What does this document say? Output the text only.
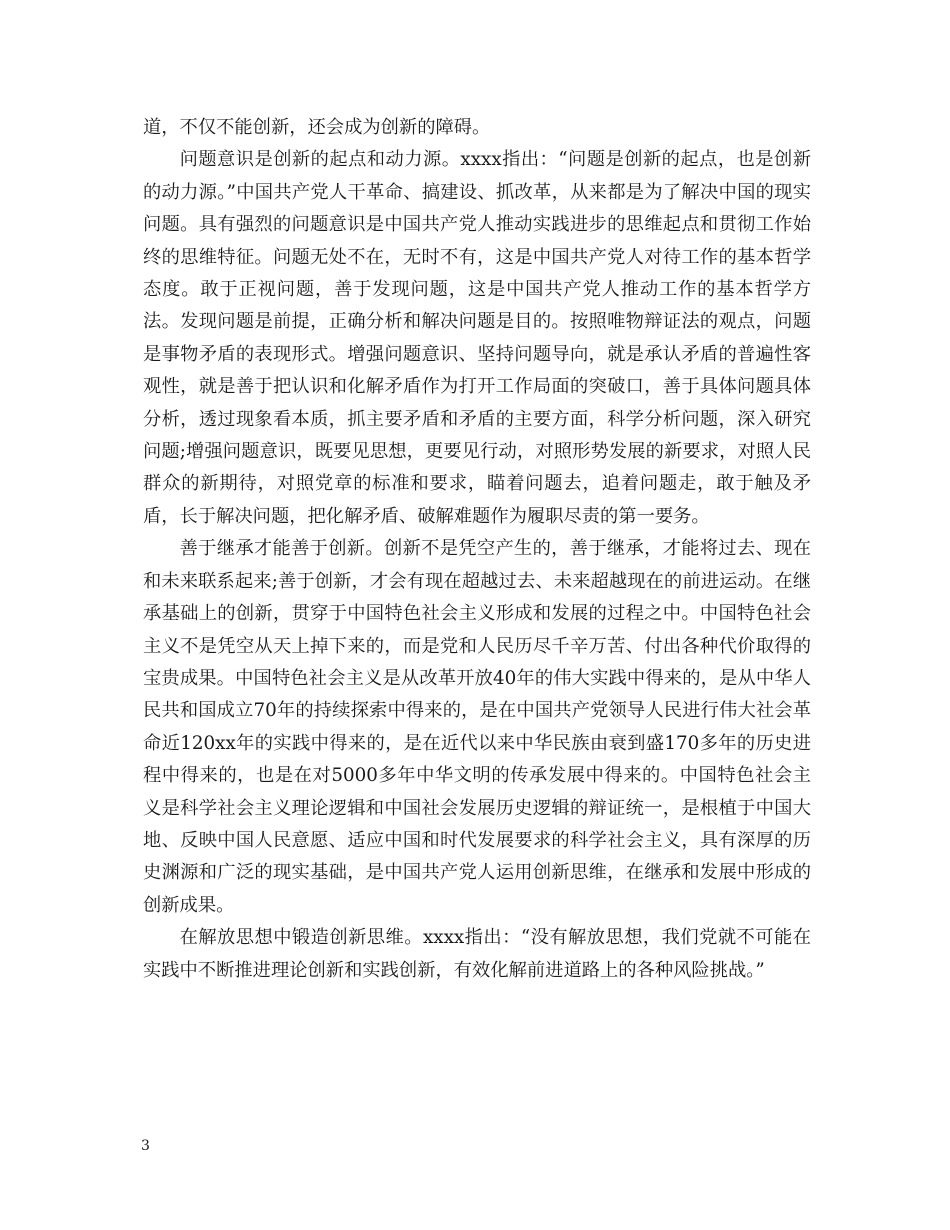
道，不仅不能创新，还会成为创新的障碍。

问题意识是创新的起点和动力源。xxxx指出：“问题是创新的起点，也是创新的动力源。”中国共产党人干革命、搞建设、抓改革，从来都是为了解决中国的现实问题。具有强烈的问题意识是中国共产党人推动实践进步的思维起点和贯彻工作始终的思维特征。问题无处不在，无时不有，这是中国共产党人对待工作的基本哲学态度。敢于正视问题，善于发现问题，这是中国共产党人推动工作的基本哲学方法。发现问题是前提，正确分析和解决问题是目的。按照唯物辩证法的观点，问题是事物矛盾的表现形式。增强问题意识、坚持问题导向，就是承认矛盾的普遍性客观性，就是善于把认识和化解矛盾作为打开工作局面的突破口，善于具体问题具体分析，透过现象看本质，抓主要矛盾和矛盾的主要方面，科学分析问题，深入研究问题;增强问题意识，既要见思想，更要见行动，对照形势发展的新要求，对照人民群众的新期待，对照党章的标准和要求，瞄着问题去，追着问题走，敢于触及矛盾，长于解决问题，把化解矛盾、破解难题作为履职尽责的第一要务。

善于继承才能善于创新。创新不是凭空产生的，善于继承，才能将过去、现在和未来联系起来;善于创新，才会有现在超越过去、未来超越现在的前进运动。在继承基础上的创新，贯穿于中国特色社会主义形成和发展的过程之中。中国特色社会主义不是凭空从天上掉下来的，而是党和人民历尽千辛万苦、付出各种代价取得的宝贵成果。中国特色社会主义是从改革开放40年的伟大实践中得来的，是从中华人民共和国成立70年的持续探索中得来的，是在中国共产党领导人民进行伟大社会革命近120xx年的实践中得来的，是在近代以来中华民族由衰到盛170多年的历史进程中得来的，也是在对5000多年中华文明的传承发展中得来的。中国特色社会主义是科学社会主义理论逻辑和中国社会发展历史逻辑的辩证统一，是根植于中国大地、反映中国人民意愿、适应中国和时代发展要求的科学社会主义，具有深厚的历史渊源和广泛的现实基础，是中国共产党人运用创新思维，在继承和发展中形成的创新成果。

在解放思想中锻造创新思维。xxxx指出：“没有解放思想，我们党就不可能在实践中不断推进理论创新和实践创新，有效化解前进道路上的各种风险挑战。”

3
